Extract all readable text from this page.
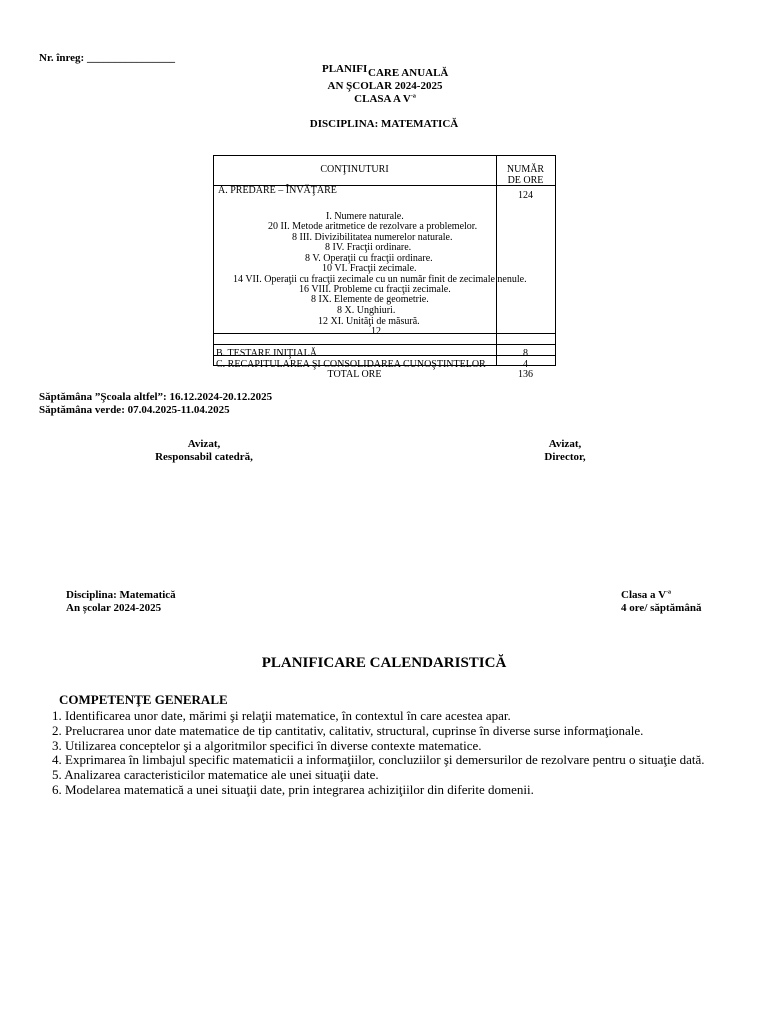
Nr. înreg: ________________
PLANIFI CARE ANUALĂ
AN ŞCOLAR 2024-2025
CLASA A $V^{-a}$
DISCIPLINA: MATEMATICĂ
CONŢINUTURI	NUMĂR
DE ORE
A. PREDARE – ÎNVĂŢARE	124
I. Numere naturale.
20 II. Metode aritmetice de rezolvare a problemelor.
8 III. Divizibilitatea numerelor naturale.
8 IV. Fracţii ordinare.
8 V. Operaţii cu fracţii ordinare.
10 VI. Fracţii zecimale.
14 VII. Operaţii cu fracţii zecimale cu un număr finit de zecimale nenule.
16 VIII. Probleme cu fracţii zecimale.
8 IX. Elemente de geometrie.
8 X. Unghiuri.
12 XI. Unităţi de măsură.
12
B. TESTARE INIŢIALĂ	8
C. RECAPITULAREA ŞI CONSOLIDAREA CUNOŞTINTELOR	4
TOTAL ORE	136
Săptămâna ”Şcoala altfel”: 16.12.2024-20.12.2025
Săptămâna verde: 07.04.2025-11.04.2025
Avizat,
Responsabil catedră,
Avizat,
Director,
Disciplina: Matematică
An școlar 2024-2025
Clasa a $V^{-a}$
4 ore/ săptămână
PLANIFICARE CALENDARISTICĂ
COMPETENŢE GENERALE
1. Identificarea unor date, mărimi şi relaţii matematice, în contextul în care acestea apar.
2. Prelucrarea unor date matematice de tip cantitativ, calitativ, structural, cuprinse în diverse surse informaţionale.
3. Utilizarea conceptelor şi a algoritmilor specifici în diverse contexte matematice.
4. Exprimarea în limbajul specific matematicii a informaţiilor, concluziilor şi demersurilor de rezolvare pentru o situaţie dată.
5. Analizarea caracteristicilor matematice ale unei situaţii date.
6. Modelarea matematică a unei situaţii date, prin integrarea achiziţiilor din diferite domenii.
